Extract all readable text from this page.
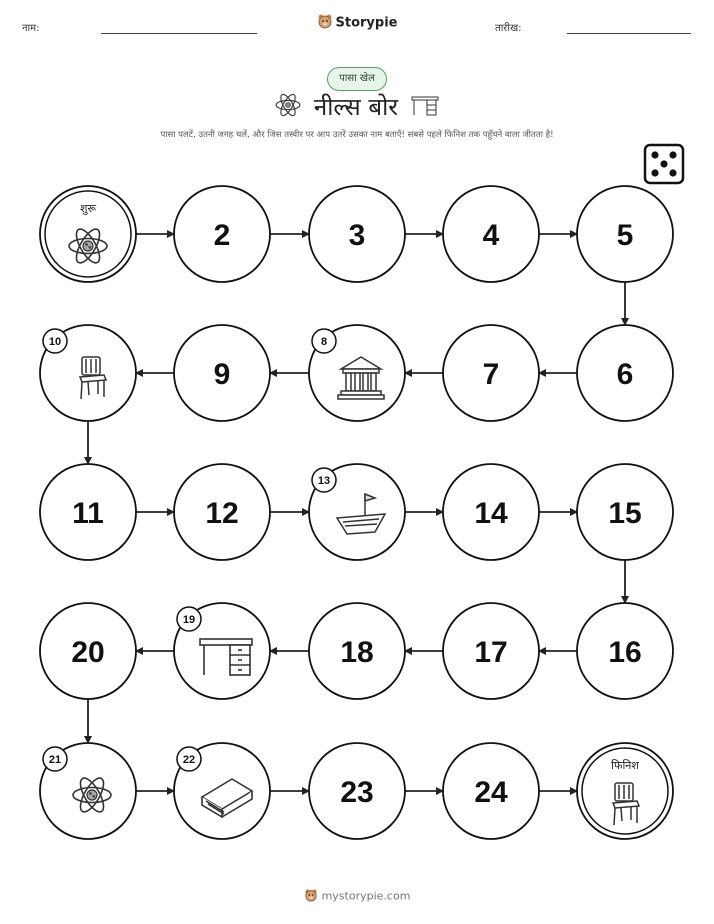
नाम:	Storypie	तारीख:
पासा खेल
नील्स बोर
पासा पलटें, उतनी जगह चलें, और जिस तस्वीर पर आप उतरें उसका नाम बताएँ! सबसे पहले फिनिश तक पहुँचने वाला जीतता है!
शुरू
2	3	4	5
10
9
8
7	6
11	12
13
14	15
20
19
18	17	16
21	22
23	24
फिनिश
mystorypie.com
